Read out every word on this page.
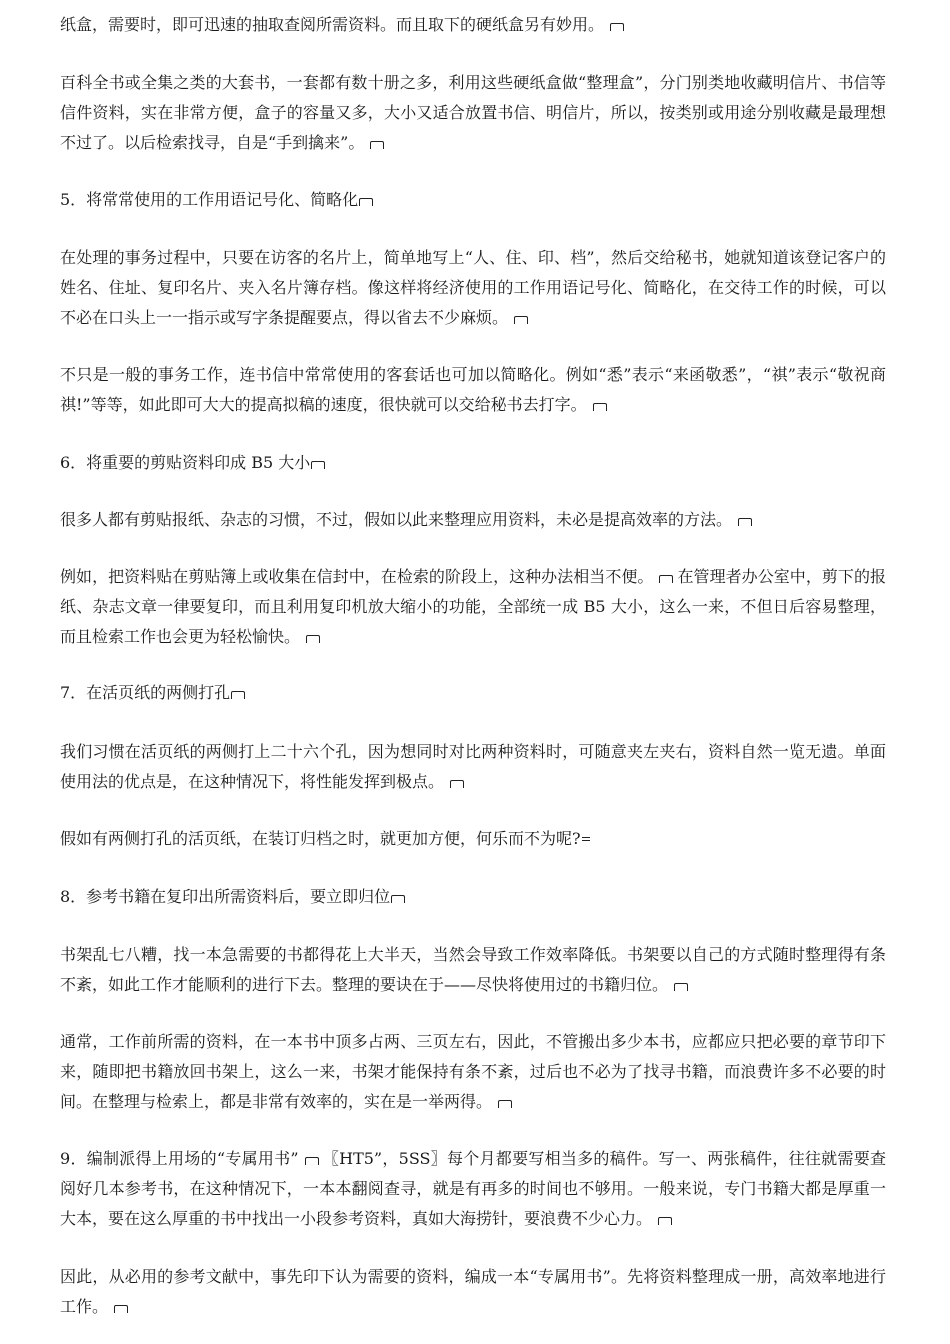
纸盒，需要时，即可迅速的抽取查阅所需资料。而且取下的硬纸盒另有妙用。

百科全书或全集之类的大套书，一套都有数十册之多，利用这些硬纸盒做“整理盒”，分门别类地收藏明信片、书信等信件资料，实在非常方便，盒子的容量又多，大小又适合放置书信、明信片，所以，按类别或用途分别收藏是最理想不过了。以后检索找寻，自是“手到擒来”。

5．将常常使用的工作用语记号化、简略化

在处理的事务过程中，只要在访客的名片上，简单地写上“人、住、印、档”，然后交给秘书，她就知道该登记客户的姓名、住址、复印名片、夹入名片簿存档。像这样将经济使用的工作用语记号化、简略化，在交待工作的时候，可以不必在口头上一一指示或写字条提醒要点，得以省去不少麻烦。

不只是一般的事务工作，连书信中常常使用的客套话也可加以简略化。例如“悉”表示“来函敬悉”，“祺”表示“敬祝商祺!”等等，如此即可大大的提高拟稿的速度，很快就可以交给秘书去打字。

6．将重要的剪贴资料印成 B5 大小

很多人都有剪贴报纸、杂志的习惯，不过，假如以此来整理应用资料，未必是提高效率的方法。

例如，把资料贴在剪贴簿上或收集在信封中，在检索的阶段上，这种办法相当不便。 在管理者办公室中，剪下的报纸、杂志文章一律要复印，而且利用复印机放大缩小的功能，全部统一成 B5 大小，这么一来，不但日后容易整理，而且检索工作也会更为轻松愉快。

7．在活页纸的两侧打孔

我们习惯在活页纸的两侧打上二十六个孔，因为想同时对比两种资料时，可随意夹左夹右，资料自然一览无遗。单面使用法的优点是，在这种情况下，将性能发挥到极点。

假如有两侧打孔的活页纸，在装订归档之时，就更加方便，何乐而不为呢?

8．参考书籍在复印出所需资料后，要立即归位

书架乱七八糟，找一本急需要的书都得花上大半天，当然会导致工作效率降低。书架要以自己的方式随时整理得有条不紊，如此工作才能顺利的进行下去。整理的要诀在于——尽快将使用过的书籍归位。

通常，工作前所需的资料，在一本书中顶多占两、三页左右，因此，不管搬出多少本书，应都应只把必要的章节印下来，随即把书籍放回书架上，这么一来，书架才能保持有条不紊，过后也不必为了找寻书籍，而浪费许多不必要的时间。在整理与检索上，都是非常有效率的，实在是一举两得。

9．编制派得上用场的“专属用书” 〖HT5”，5SS〗每个月都要写相当多的稿件。写一、两张稿件，往往就需要查阅好几本参考书，在这种情况下，一本本翻阅查寻，就是有再多的时间也不够用。一般来说，专门书籍大都是厚重一大本，要在这么厚重的书中找出一小段参考资料，真如大海捞针，要浪费不少心力。

因此，从必用的参考文献中，事先印下认为需要的资料，编成一本“专属用书”。先将资料整理成一册，高效率地进行工作。
